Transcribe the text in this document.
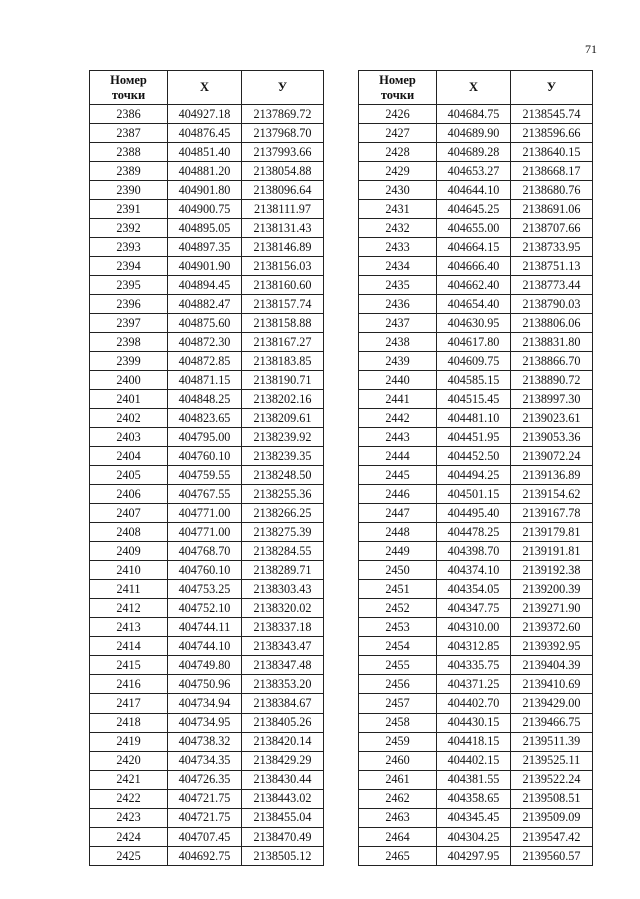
71
Номер
точки	X	У
2386	404927.18	2137869.72
2387	404876.45	2137968.70
2388	404851.40	2137993.66
2389	404881.20	2138054.88
2390	404901.80	2138096.64
2391	404900.75	2138111.97
2392	404895.05	2138131.43
2393	404897.35	2138146.89
2394	404901.90	2138156.03
2395	404894.45	2138160.60
2396	404882.47	2138157.74
2397	404875.60	2138158.88
2398	404872.30	2138167.27
2399	404872.85	2138183.85
2400	404871.15	2138190.71
2401	404848.25	2138202.16
2402	404823.65	2138209.61
2403	404795.00	2138239.92
2404	404760.10	2138239.35
2405	404759.55	2138248.50
2406	404767.55	2138255.36
2407	404771.00	2138266.25
2408	404771.00	2138275.39
2409	404768.70	2138284.55
2410	404760.10	2138289.71
2411	404753.25	2138303.43
2412	404752.10	2138320.02
2413	404744.11	2138337.18
2414	404744.10	2138343.47
2415	404749.80	2138347.48
2416	404750.96	2138353.20
2417	404734.94	2138384.67
2418	404734.95	2138405.26
2419	404738.32	2138420.14
2420	404734.35	2138429.29
2421	404726.35	2138430.44
2422	404721.75	2138443.02
2423	404721.75	2138455.04
2424	404707.45	2138470.49
2425	404692.75	2138505.12
Номер
точки	X	У
2426	404684.75	2138545.74
2427	404689.90	2138596.66
2428	404689.28	2138640.15
2429	404653.27	2138668.17
2430	404644.10	2138680.76
2431	404645.25	2138691.06
2432	404655.00	2138707.66
2433	404664.15	2138733.95
2434	404666.40	2138751.13
2435	404662.40	2138773.44
2436	404654.40	2138790.03
2437	404630.95	2138806.06
2438	404617.80	2138831.80
2439	404609.75	2138866.70
2440	404585.15	2138890.72
2441	404515.45	2138997.30
2442	404481.10	2139023.61
2443	404451.95	2139053.36
2444	404452.50	2139072.24
2445	404494.25	2139136.89
2446	404501.15	2139154.62
2447	404495.40	2139167.78
2448	404478.25	2139179.81
2449	404398.70	2139191.81
2450	404374.10	2139192.38
2451	404354.05	2139200.39
2452	404347.75	2139271.90
2453	404310.00	2139372.60
2454	404312.85	2139392.95
2455	404335.75	2139404.39
2456	404371.25	2139410.69
2457	404402.70	2139429.00
2458	404430.15	2139466.75
2459	404418.15	2139511.39
2460	404402.15	2139525.11
2461	404381.55	2139522.24
2462	404358.65	2139508.51
2463	404345.45	2139509.09
2464	404304.25	2139547.42
2465	404297.95	2139560.57
